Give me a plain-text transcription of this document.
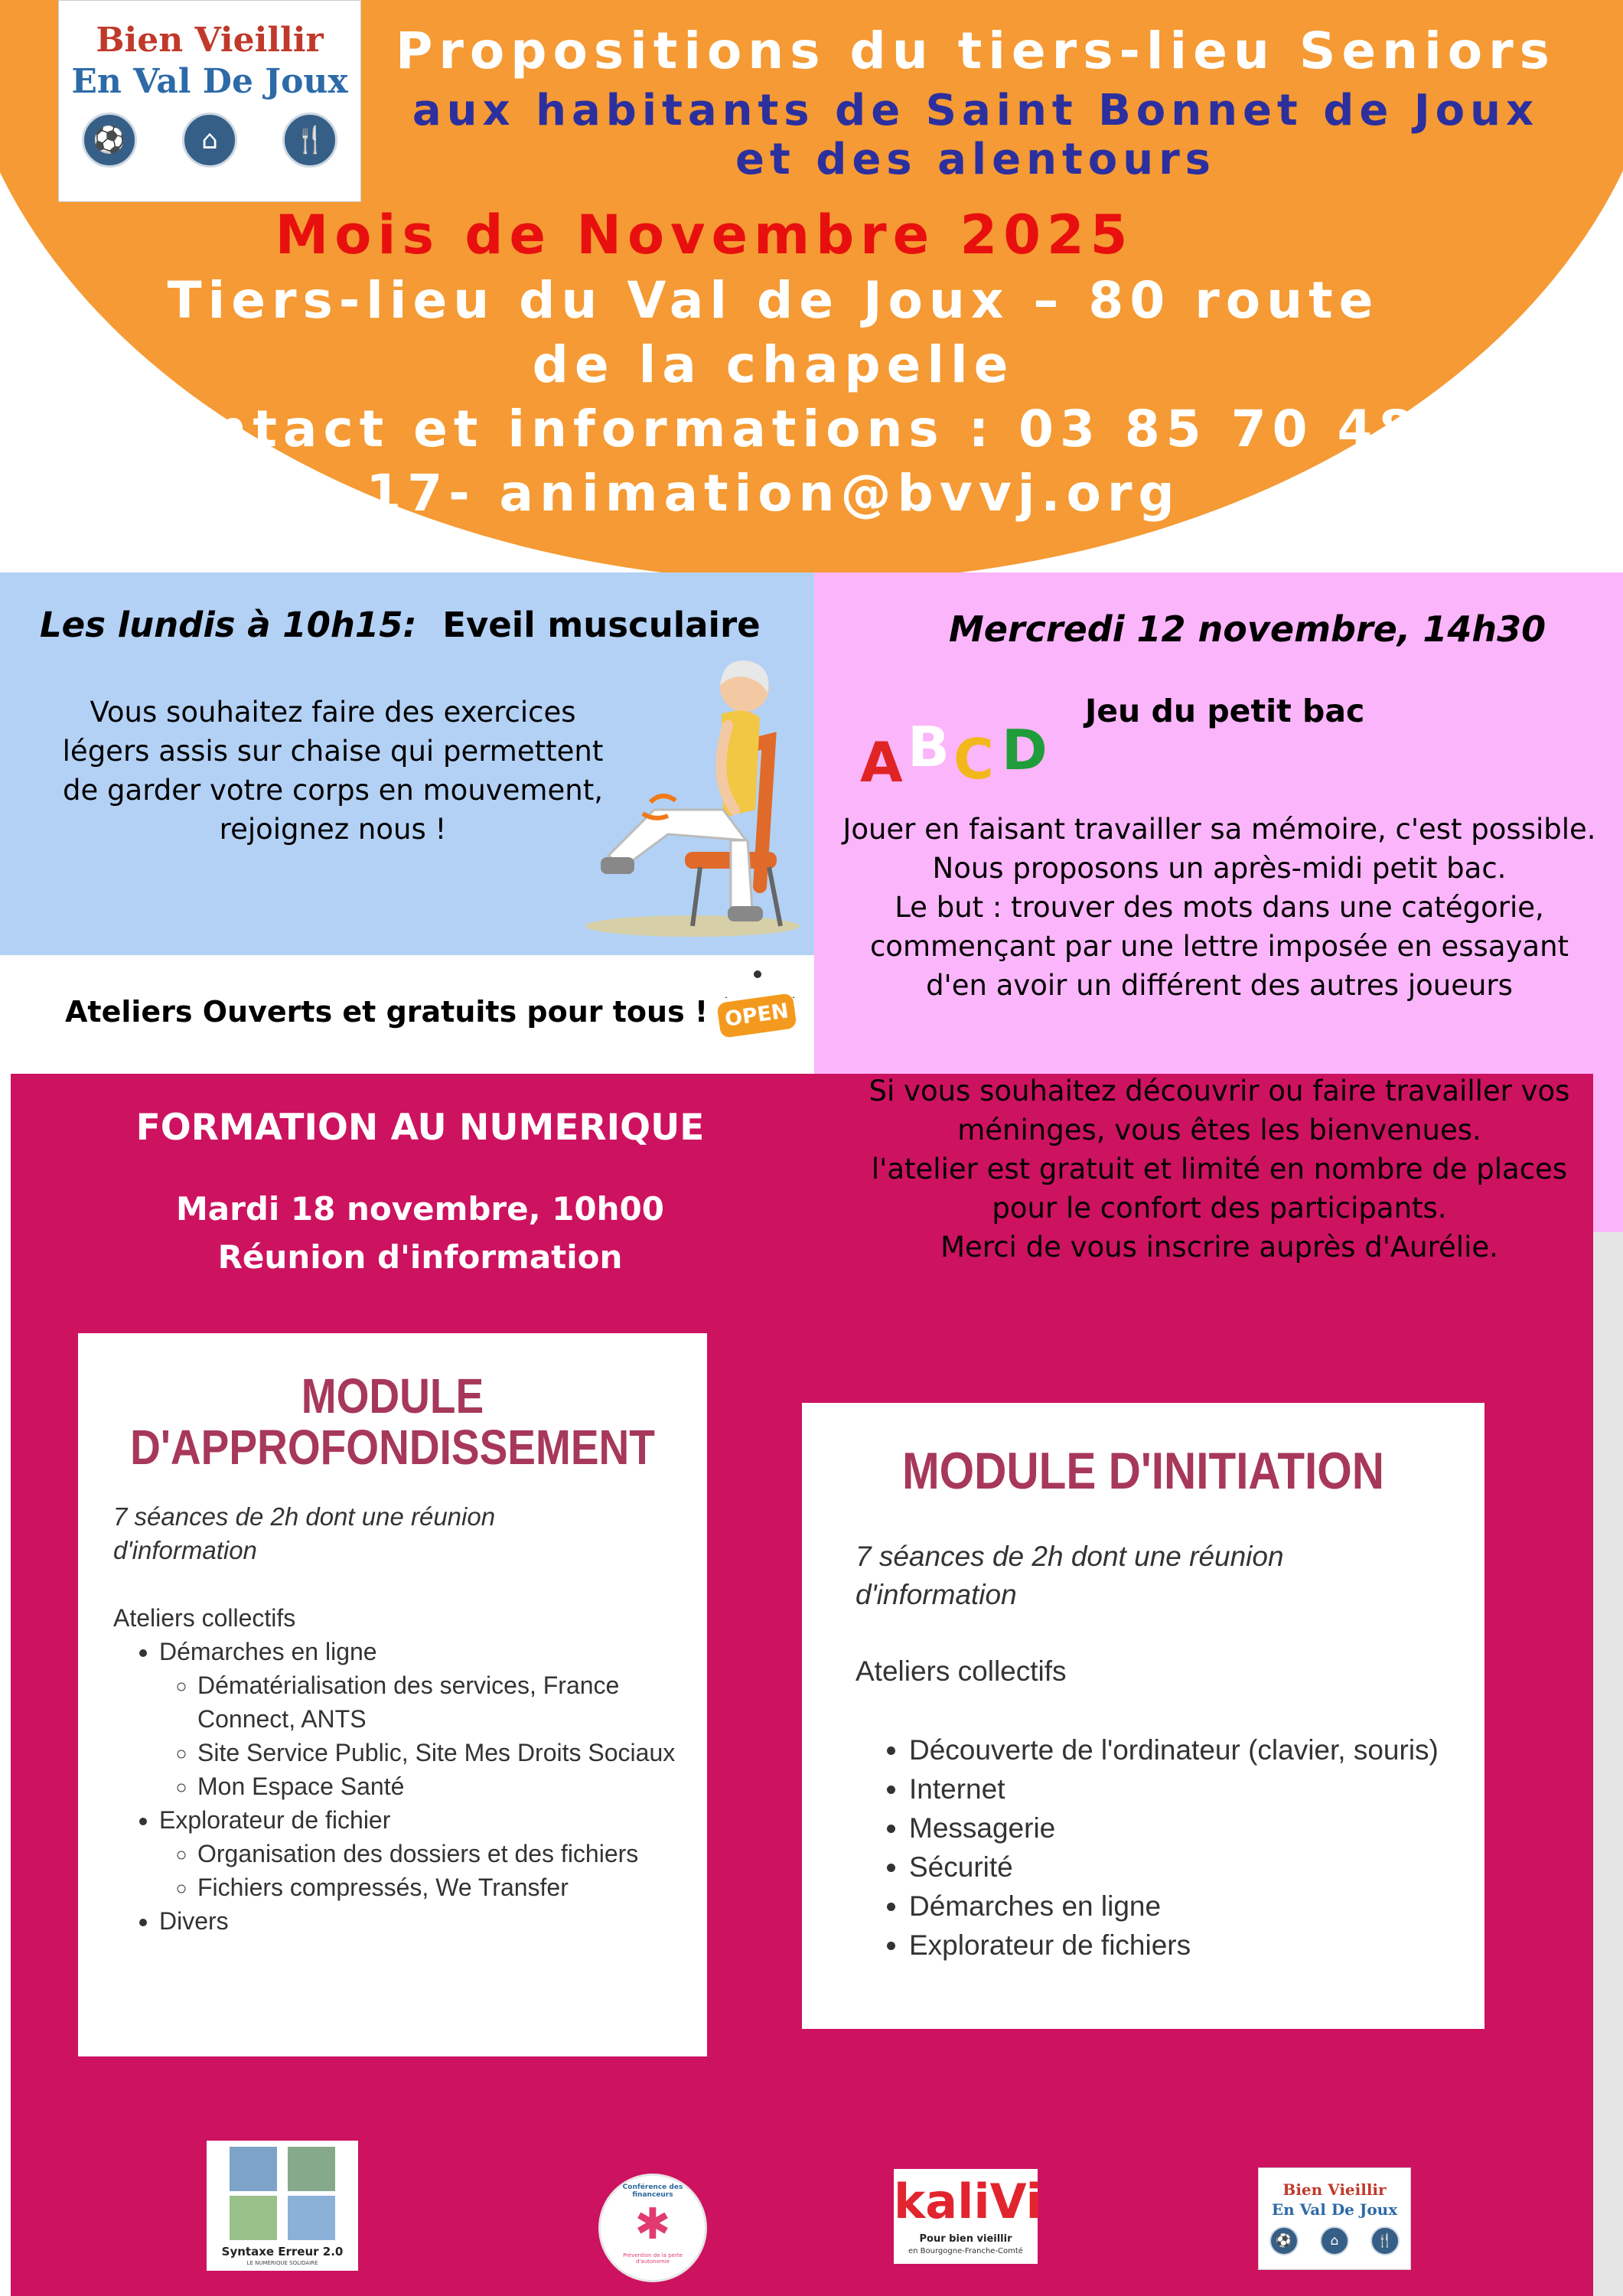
Bien Vieillir
En Val De Joux
⚽	⌂	🍴
Propositions du tiers-lieu Seniors
aux habitants de Saint Bonnet de Joux
et des alentours
Mois de Novembre 2025
Tiers-lieu du Val de Joux – 80 route
de la chapelle
Contact et informations : 03 85 70 48
17- animation@bvvj.org
Les lundis à 10h15: Eveil musculaire
Vous souhaitez faire des exercices
légers assis sur chaise qui permettent
de garder votre corps en mouvement,
rejoignez nous !
Ateliers Ouverts et gratuits pour tous ! OPEN
Mercredi 12 novembre, 14h30
Jeu du petit bac
A B C D
Jouer en faisant travailler sa mémoire, c'est possible.
Nous proposons un après-midi petit bac.
Le but : trouver des mots dans une catégorie,
commençant par une lettre imposée en essayant
d'en avoir un différent des autres joueurs
Si vous souhaitez découvrir ou faire travailler vos
méninges, vous êtes les bienvenues.
l'atelier est gratuit et limité en nombre de places
pour le confort des participants.
Merci de vous inscrire auprès d'Aurélie.
FORMATION AU NUMERIQUE
Mardi 18 novembre, 10h00
Réunion d'information
MODULE
D'APPROFONDISSEMENT
7 séances de 2h dont une réunion
d'information
Ateliers collectifs
• Démarches en ligne
◦ Dématérialisation des services, France Connect, ANTS
◦ Site Service Public, Site Mes Droits Sociaux
◦ Mon Espace Santé
• Explorateur de fichier
◦ Organisation des dossiers et des fichiers
◦ Fichiers compressés, We Transfer
• Divers
MODULE D'INITIATION
7 séances de 2h dont une réunion
d'information
Ateliers collectifs
• Découverte de l'ordinateur (clavier, souris)
• Internet
• Messagerie
• Sécurité
• Démarches en ligne
• Explorateur de fichiers
Syntaxe Erreur 2.0
LE NUMÉRIQUE SOLIDAIRE
Conférence des financeurs
✱
Prévention de la perte d'autonomie
kaliVi
Pour bien vieillir
en Bourgogne-Franche-Comté
Bien Vieillir
En Val De Joux
⚽	⌂	🍴
